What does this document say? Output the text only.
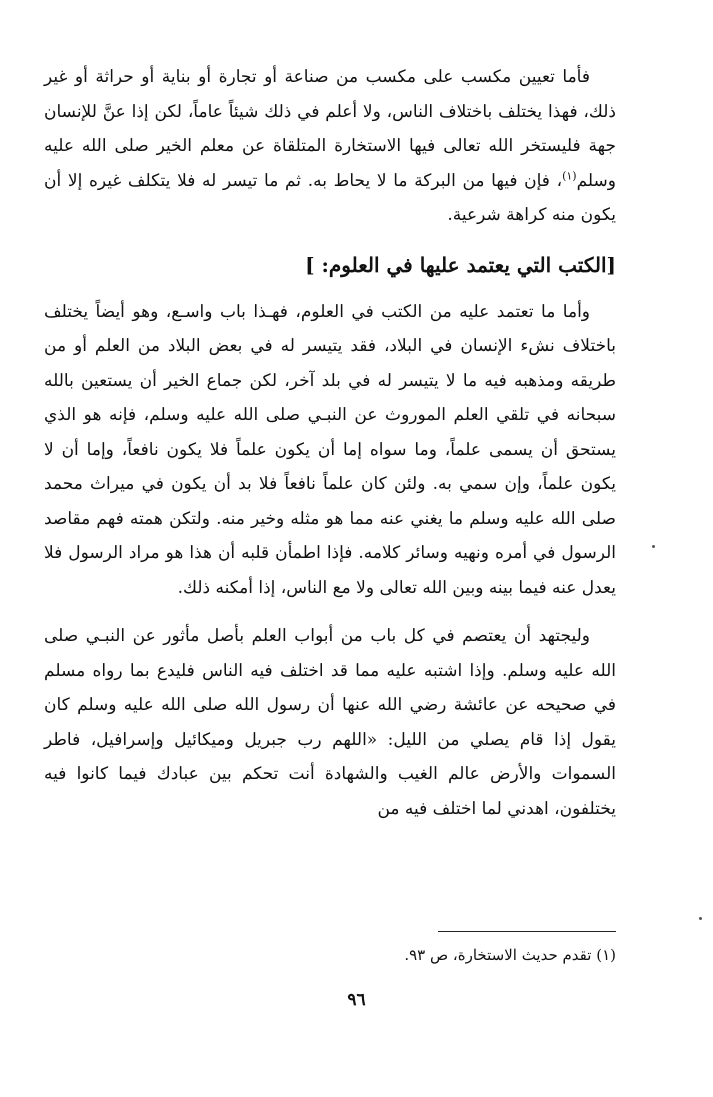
فأما تعيين مكسب على مكسب من صناعة أو تجارة أو بناية أو حراثة أو غير ذلك، فهذا يختلف باختلاف الناس، ولا أعلم في ذلك شيئاً عاماً، لكن إذا عنَّ للإنسان جهة فليستخر الله تعالى فيها الاستخارة المتلقاة عن معلم الخير صلى الله عليه وسلم$^{(١)}$، فإن فيها من البركة ما لا يحاط به. ثم ما تيسر له فلا يتكلف غيره إلا أن يكون منه كراهة شرعية.

[الكتب التي يعتمد عليها في العلوم: ]

وأما ما تعتمد عليه من الكتب في العلوم، فهـذا باب واسـع، وهو أيضاً يختلف باختلاف نشء الإنسان في البلاد، فقد يتيسر له في بعض البلاد من العلم أو من طريقه ومذهبه فيه ما لا يتيسر له في بلد آخر، لكن جماع الخير أن يستعين بالله سبحانه في تلقي العلم الموروث عن النبـي صلى الله عليه وسلم، فإنه هو الذي يستحق أن يسمى علماً، وما سواه إما أن يكون علماً فلا يكون نافعاً، وإما أن لا يكون علماً، وإن سمي به. ولئن كان علماً نافعاً فلا بد أن يكون في ميراث محمد صلى الله عليه وسلم ما يغني عنه مما هو مثله وخير منه. ولتكن همته فهم مقاصد الرسول في أمره ونهيه وسائر كلامه. فإذا اطمأن قلبه أن هذا هو مراد الرسول فلا يعدل عنه فيما بينه وبين الله تعالى ولا مع الناس، إذا أمكنه ذلك.

وليجتهد أن يعتصم في كل باب من أبواب العلم بأصل مأثور عن النبـي صلى الله عليه وسلم. وإذا اشتبه عليه مما قد اختلف فيه الناس فليدع بما رواه مسلم في صحيحه عن عائشة رضي الله عنها أن رسول الله صلى الله عليه وسلم كان يقول إذا قام يصلي من الليل: «اللهم رب جبريل وميكائيل وإسرافيل، فاطر السموات والأرض عالم الغيب والشهادة أنت تحكم بين عبادك فيما كانوا فيه يختلفون، اهدني لما اختلف فيه من

(١) تقدم حديث الاستخارة، ص ٩٣.
٩٦
